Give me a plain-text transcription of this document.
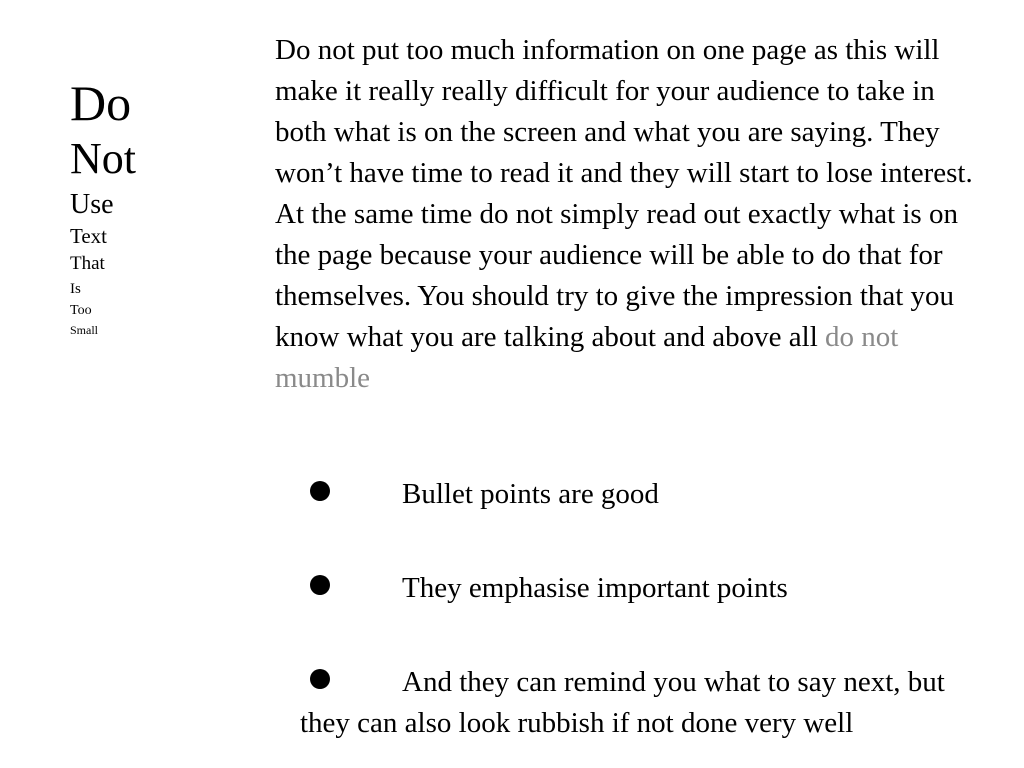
Do
Not
Use
Text
That
Is
Too
Small

Do not put too much information on one page as this will make it really really difficult for your audience to take in both what is on the screen and what you are saying. They won’t have time to read it and they will start to lose interest. At the same time do not simply read out exactly what is on the page because your audience will be able to do that for themselves. You should try to give the impression that you know what you are talking about and above all do not mumble

Bullet points are good
They emphasise important points
And they can remind you what to say next, but they can also look rubbish if not done very well
